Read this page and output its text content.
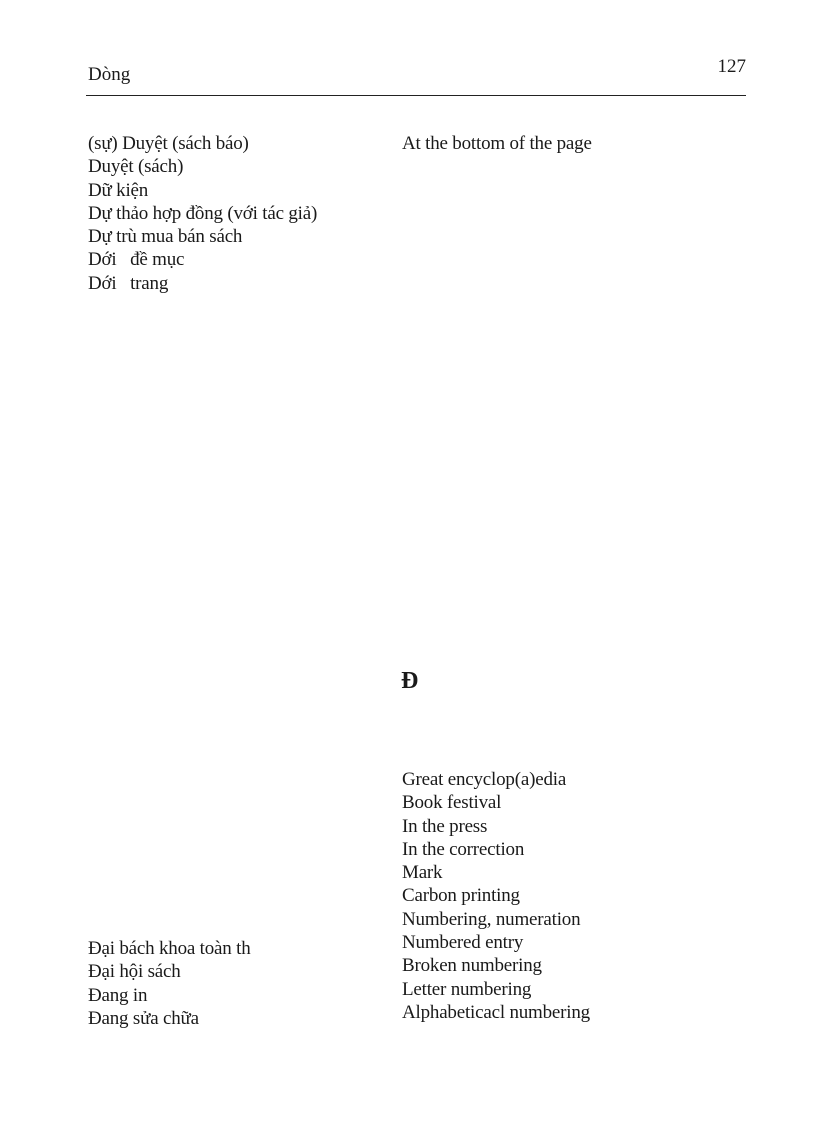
Dòng	127
(sự) Duyệt (sách báo)
Duyệt (sách)
Dữ kiện
Dự thảo hợp đồng (với tác giả)
Dự trù mua bán sách
Dới   đề mục
Dới   trang
At the bottom of the page
Đ
Great encyclop(a)edia
Book festival
In the press
In the correction
Mark
Carbon printing
Numbering, numeration
Numbered entry
Broken numbering
Letter numbering
Alphabeticacl numbering
Đại bách khoa toàn th
Đại hội sách
Đang in
Đang sửa chữa
